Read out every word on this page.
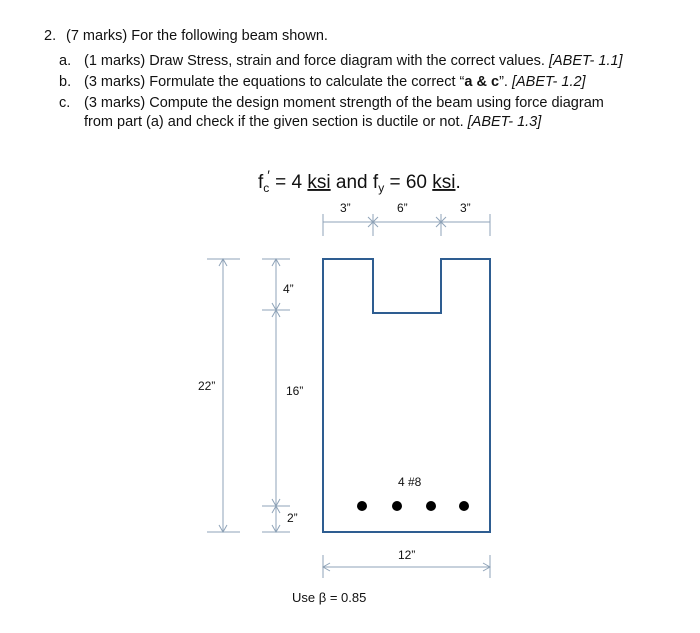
2. (7 marks) For the following beam shown.
a. (1 marks) Draw Stress, strain and force diagram with the correct values. [ABET- 1.1]
b. (3 marks) Formulate the equations to calculate the correct “a & c”. [ABET- 1.2]
c. (3 marks) Compute the design moment strength of the beam using force diagram
from part (a) and check if the given section is ductile or not. [ABET- 1.3]
$f_c' = 4$ ksi and $f_y = 60$ ksi.
3”	6”	3”
4 #8
22”
4”
16”
2”
12”
Use β = 0.85
